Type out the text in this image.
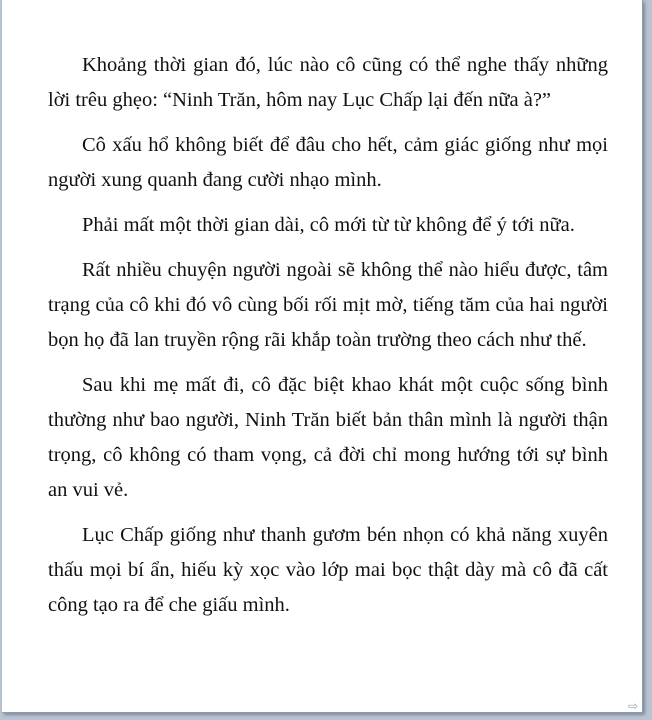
Khoảng thời gian đó, lúc nào cô cũng có thể nghe thấy những lời trêu ghẹo: “Ninh Trăn, hôm nay Lục Chấp lại đến nữa à?”

Cô xấu hổ không biết để đâu cho hết, cảm giác giống như mọi người xung quanh đang cười nhạo mình.

Phải mất một thời gian dài, cô mới từ từ không để ý tới nữa.

Rất nhiều chuyện người ngoài sẽ không thể nào hiểu được, tâm trạng của cô khi đó vô cùng bối rối mịt mờ, tiếng tăm của hai người bọn họ đã lan truyền rộng rãi khắp toàn trường theo cách như thế.

Sau khi mẹ mất đi, cô đặc biệt khao khát một cuộc sống bình thường như bao người, Ninh Trăn biết bản thân mình là người thận trọng, cô không có tham vọng, cả đời chỉ mong hướng tới sự bình an vui vẻ.

Lục Chấp giống như thanh gươm bén nhọn có khả năng xuyên thấu mọi bí ẩn, hiếu kỳ xọc vào lớp mai bọc thật dày mà cô đã cất công tạo ra để che giấu mình.

⇨
